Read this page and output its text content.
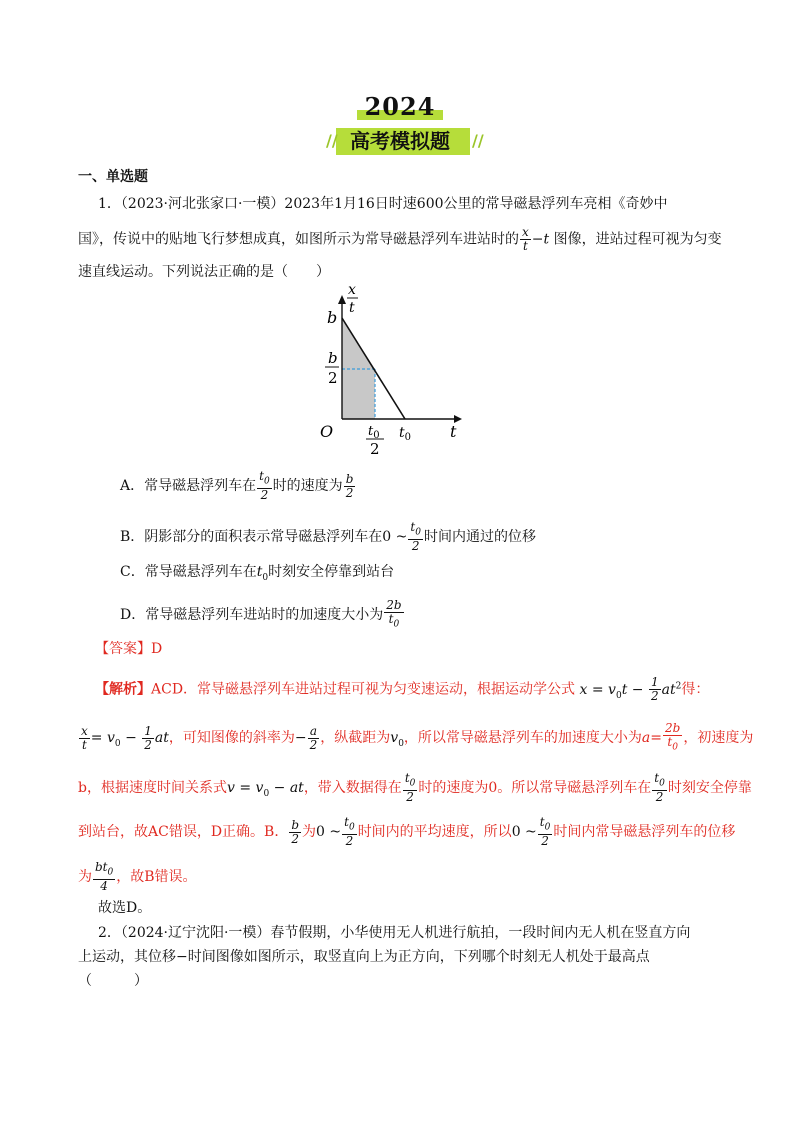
2024
//	//
高考模拟题
一、单选题
1．（2023·河北张家口·一模）2023年1月16日时速600公里的常导磁悬浮列车亮相《奇妙中
国》，传说中的贴地飞行梦想成真，如图所示为常导磁悬浮列车进站时的 $\frac{x}{t} -t$ 图像，进站过程可视为匀变
速直线运动。下列说法正确的是（　　）
x
t
b
b
2
O	$t_0$
2
$t_0$ t
A．常导磁悬浮列车在 $\frac{t_0}{2}$ 时的速度为 $\frac{b}{2}$
B．阴影部分的面积表示常导磁悬浮列车在0 ~ $\frac{t_0}{2}$ 时间内通过的位移
C．常导磁悬浮列车在$t_0$时刻安全停靠到站台
D．常导磁悬浮列车进站时的加速度大小为 $\frac{2b}{t_0}$
【答案】D
【解析】ACD．常导磁悬浮列车进站过程可视为匀变速运动，根据运动学公式 $x = v_0t - \frac{1}{2} at^2$得：
$\frac{x}{t} = v_0 - \frac{1}{2}$ at，可知图像的斜率为− $\frac{a}{2}$ ，纵截距为$v_0$，所以常导磁悬浮列车的加速度大小为$a= \frac{2b}{t_0}$ ，初速度为
b，根据速度时间关系式$v = v_0$ − at，带入数据得在 $\frac{t_0}{2}$ 时的速度为0。所以常导磁悬浮列车在 $\frac{t_0}{2}$ 时刻安全停靠
到站台，故AC错误，D正确。B． $\frac{b}{2}$ 为0 ~ $\frac{t_0}{2}$ 时间内的平均速度，所以0 ~ $\frac{t_0}{2}$ 时间内常导磁悬浮列车的位移
为 $\frac{bt_0}{4}$ ，故B错误。
故选D。
2．（2024·辽宁沈阳·一模）春节假期，小华使用无人机进行航拍，一段时间内无人机在竖直方向
上运动，其位移−时间图像如图所示，取竖直向上为正方向，下列哪个时刻无人机处于最高点
（　　　）
